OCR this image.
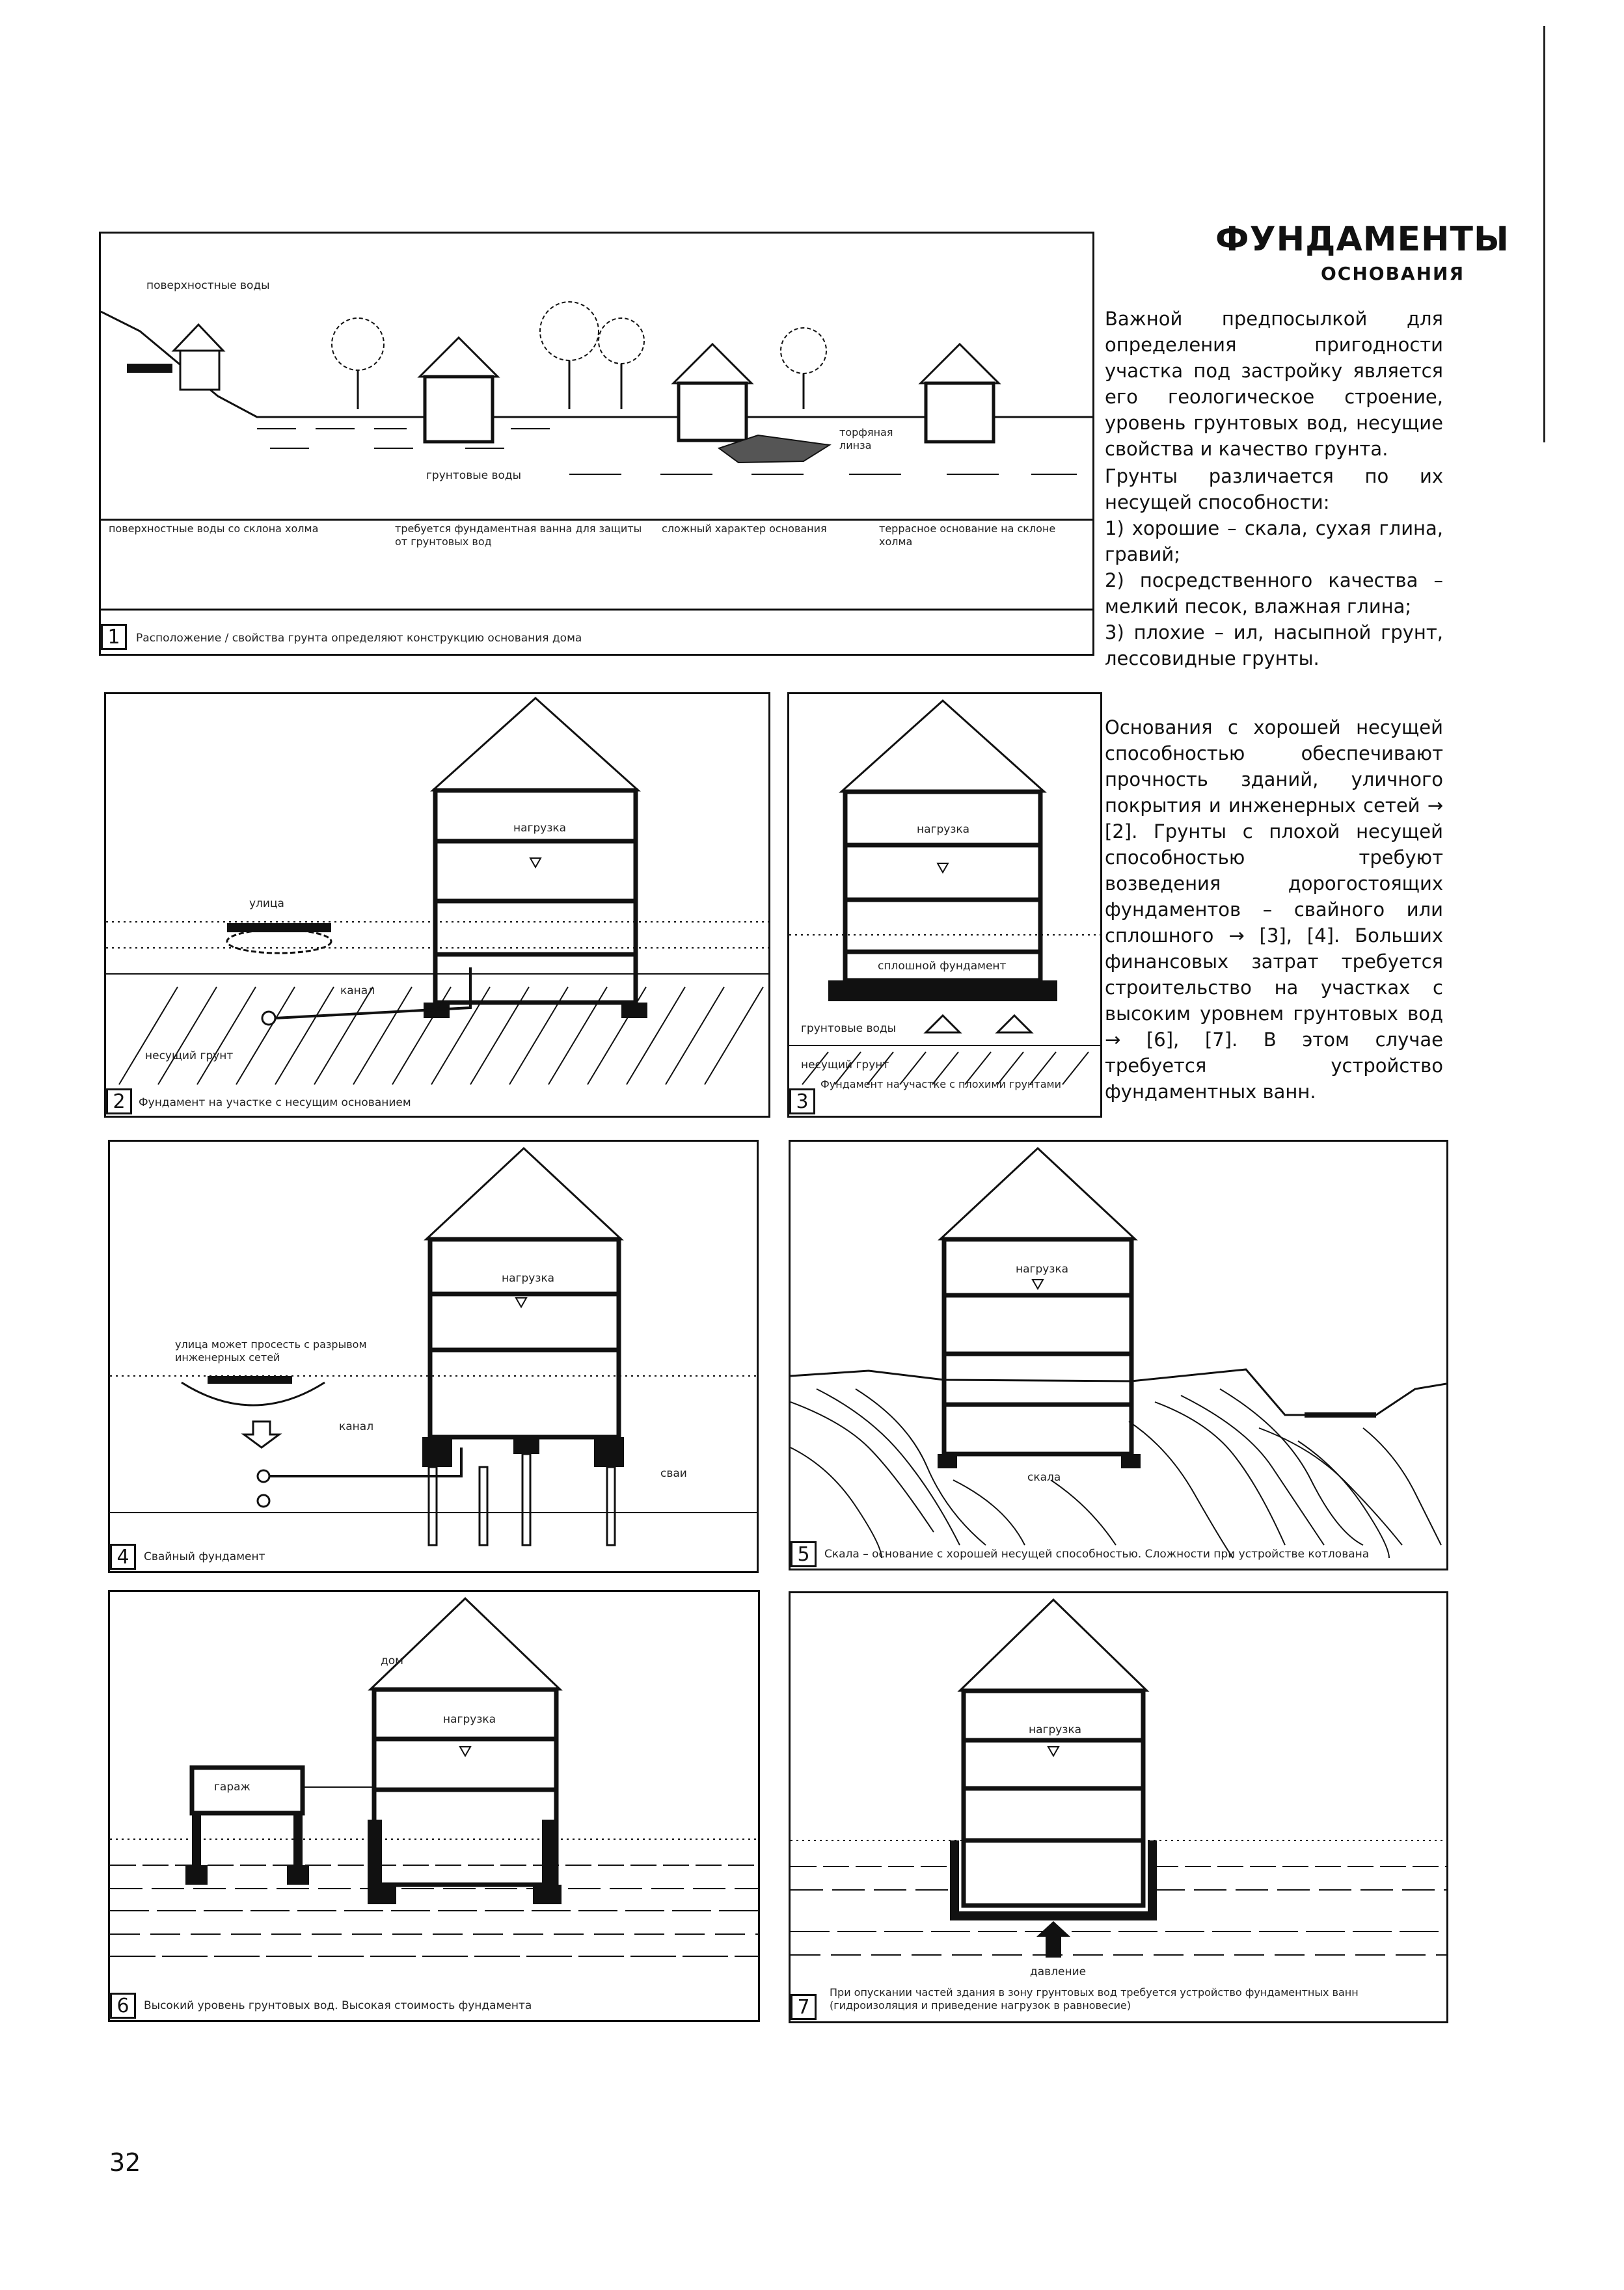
ФУНДАМЕНТЫ
ОСНОВАНИЯ

Важной предпосылкой для определения пригодности участка под застройку является его геологическое строение, уровень грунтовых вод, несущие свойства и качество грунта.

Грунты различается по их несущей способности:

1) хорошие – скала, сухая глина, гравий;

2) посредственного качества – мелкий песок, влажная глина;

3) плохие – ил, насыпной грунт, лессовидные грунты.

Основания с хорошей несущей способностью обеспечивают прочность зданий, уличного покрытия и инженерных сетей → [2]. Грунты с плохой несущей способностью требуют возведения дорогостоящих фундаментов – свайного или сплошного → [3], [4]. Больших финансовых затрат требуется строительство на участках с высоким уровнем грунтовых вод → [6], [7]. В этом случае требуется устройство фундаментных ванн.

поверхностные воды
грунтовые воды
торфяная линза
поверхностные воды со склона холма	требуется фундаментная ванна для защиты от грунтовых вод
сложный характер основания	террасное основание на склоне холма
1	Расположение / свойства грунта определяют конструкцию основания дома
нагрузка
улица
канал
несущий грунт
2	Фундамент на участке с несущим основанием
нагрузка
сплошной фундамент
грунтовые воды
несущий грунт
3
Фундамент на участке с плохими грунтами
нагрузка
улица может просесть с разрывом инженерных сетей
канал
сваи
4	Свайный фундамент
нагрузка
скала
5	Скала – основание с хорошей несущей способностью. Сложности при устройстве котлована
дом
нагрузка
гараж
6	Высокий уровень грунтовых вод. Высокая стоимость фундамента
нагрузка
давление
7
При опускании частей здания в зону грунтовых вод требуется устройство фундаментных ванн (гидроизоляция и приведение нагрузок в равновесие)
32
